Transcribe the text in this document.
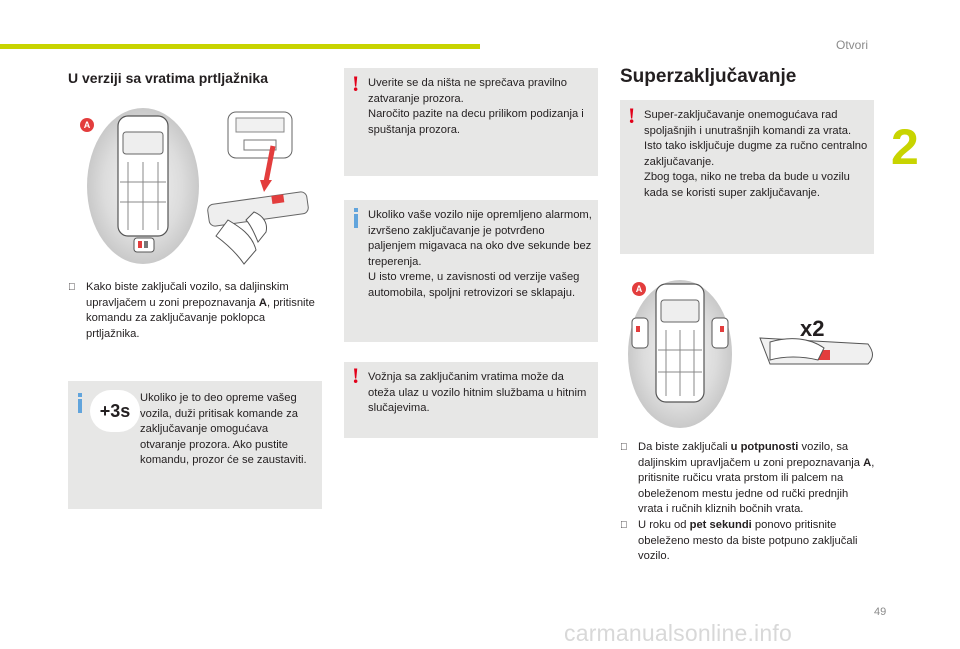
Otvori
2
49
carmanualsonline.info
U verziji sa vratima prtljažnika
A
Kako biste zaključali vozilo, sa daljinskim upravljačem u zoni prepoznavanja A, pritisnite komandu za zaključavanje poklopca prtljažnika.
+3s
Ukoliko je to deo opreme vašeg vozila, duži pritisak komande za zaključavanje omogućava otvaranje prozora. Ako pustite komandu, prozor će se zaustaviti.
! Uverite se da ništa ne sprečava pravilno zatvaranje prozora.
Naročito pazite na decu prilikom podizanja i spuštanja prozora.
Ukoliko vaše vozilo nije opremljeno alarmom, izvršeno zaključavanje je potvrđeno paljenjem migavaca na oko dve sekunde bez treperenja.
U isto vreme, u zavisnosti od verzije vašeg automobila, spoljni retrovizori se sklapaju.
! Vožnja sa zaključanim vratima može da oteža ulaz u vozilo hitnim službama u hitnim slučajevima.
Superzaključavanje
! Super-zaključavanje onemogućava rad spoljašnjih i unutrašnjih komandi za vrata. Isto tako isključuje dugme za ručno centralno zaključavanje.
Zbog toga, niko ne treba da bude u vozilu kada se koristi super zaključavanje.
A
x2
Da biste zaključali u potpunosti vozilo, sa daljinskim upravljačem u zoni prepoznavanja A, pritisnite ručicu vrata prstom ili palcem na obeleženom mestu jedne od ručki prednjih vrata i ručnih kliznih bočnih vrata.
U roku od pet sekundi ponovo pritisnite obeleženo mesto da biste potpuno zaključali vozilo.
